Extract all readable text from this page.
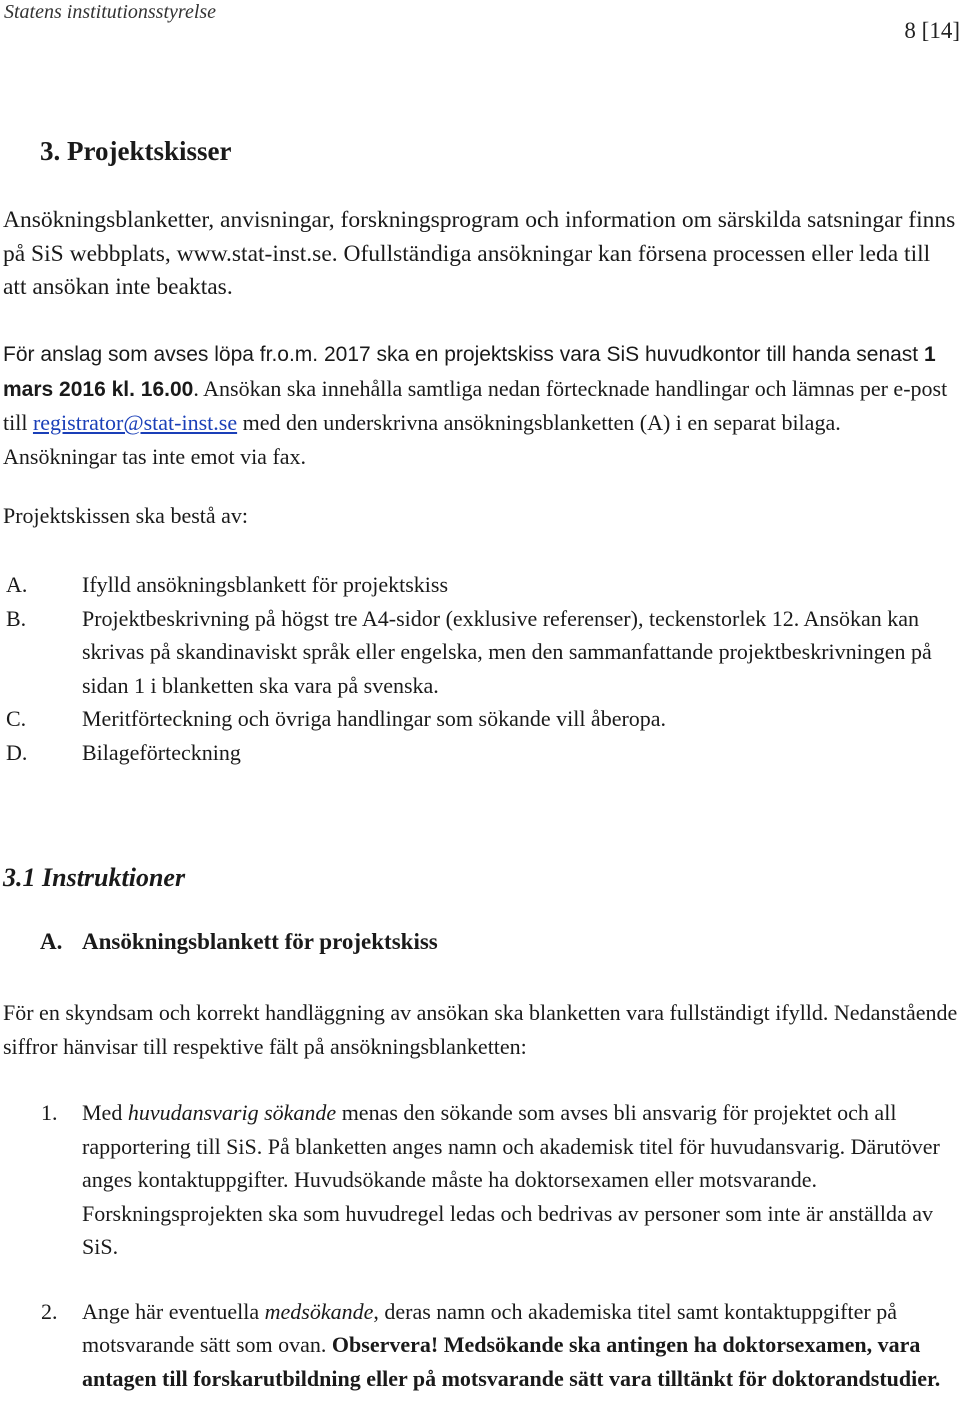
Statens institutionsstyrelse
8 [14]
3. Projektskisser
Ansökningsblanketter, anvisningar, forskningsprogram och information om särskilda satsningar finns på SiS webbplats, www.stat-inst.se. Ofullständiga ansökningar kan försena processen eller leda till att ansökan inte beaktas.
För anslag som avses löpa fr.o.m. 2017 ska en projektskiss vara SiS huvudkontor till handa senast 1 mars 2016 kl. 16.00. Ansökan ska innehålla samtliga nedan förtecknade handlingar och lämnas per e-post till registrator@stat-inst.se med den underskrivna ansökningsblanketten (A) i en separat bilaga. Ansökningar tas inte emot via fax.
Projektskissen ska bestå av:
A. Ifylld ansökningsblankett för projektskiss
B.	Projektbeskrivning på högst tre A4-sidor (exklusive referenser), teckenstorlek 12. Ansökan kan skrivas på skandinaviskt språk eller engelska, men den sammanfattande projektbeskrivningen på sidan 1 i blanketten ska vara på svenska.
C.	Meritförteckning och övriga handlingar som sökande vill åberopa.
D. Bilageförteckning
3.1 Instruktioner
A. Ansökningsblankett för projektskiss
För en skyndsam och korrekt handläggning av ansökan ska blanketten vara fullständigt ifylld. Nedanstående siffror hänvisar till respektive fält på ansökningsblanketten:
1. Med huvudansvarig sökande menas den sökande som avses bli ansvarig för projektet och all rapportering till SiS. På blanketten anges namn och akademisk titel för huvudansvarig. Därutöver anges kontaktuppgifter. Huvudsökande måste ha doktorsexamen eller motsvarande. Forskningsprojekten ska som huvudregel ledas och bedrivas av personer som inte är anställda av SiS.
2. Ange här eventuella medsökande, deras namn och akademiska titel samt kontaktuppgifter på motsvarande sätt som ovan. Observera! Medsökande ska antingen ha doktorsexamen, vara antagen till forskarutbildning eller på motsvarande sätt vara tilltänkt för doktorandstudier.
